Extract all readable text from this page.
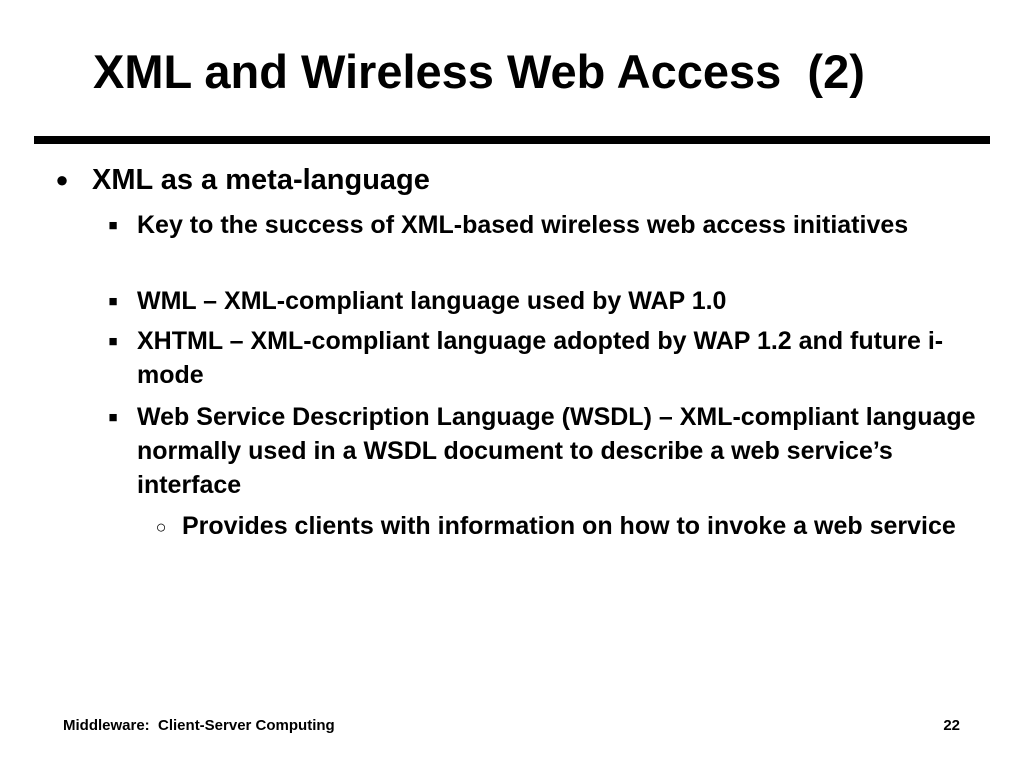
XML and Wireless Web Access  (2)
● XML as a meta-language
■ Key to the success of XML-based wireless web access initiatives
■ WML – XML-compliant language used by WAP 1.0
■ XHTML – XML-compliant language adopted by WAP 1.2 and future i-mode
■ Web Service Description Language (WSDL) – XML-compliant language normally used in a WSDL document to describe a web service’s interface
○ Provides clients with information on how to invoke a web service
Middleware:  Client-Server Computing	22
